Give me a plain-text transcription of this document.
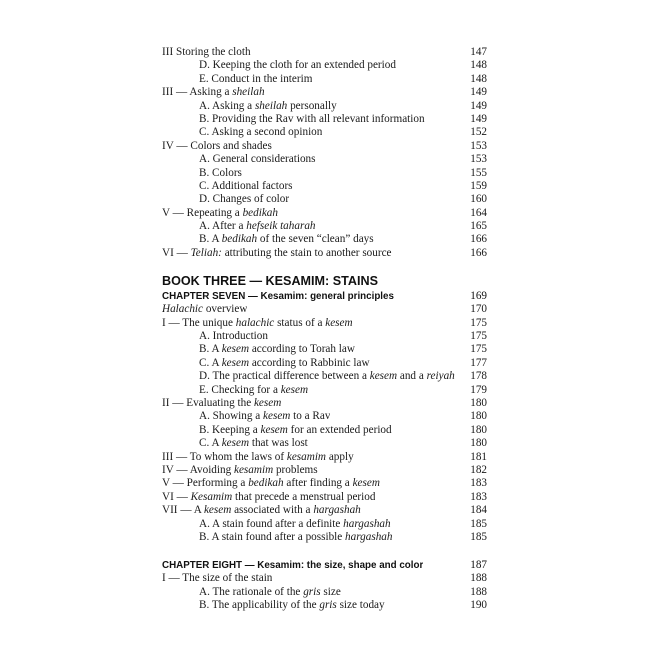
III Storing the cloth	147
D. Keeping the cloth for an extended period	148
E. Conduct in the interim	148
III — Asking a sheilah	149
A. Asking a sheilah personally	149
B. Providing the Rav with all relevant information	149
C. Asking a second opinion	152
IV — Colors and shades	153
A. General considerations	153
B. Colors	155
C. Additional factors	159
D. Changes of color	160
V — Repeating a bedikah	164
A. After a hefseik taharah	165
B. A bedikah of the seven “clean” days	166
VI — Teliah: attributing the stain to another source	166
BOOK THREE — KESAMIM: STAINS
CHAPTER SEVEN — Kesamim: general principles	169
Halachic overview	170
I — The unique halachic status of a kesem	175
A. Introduction	175
B. A kesem according to Torah law	175
C. A kesem according to Rabbinic law	177
D. The practical difference between a kesem and a reiyah	178
E. Checking for a kesem	179
II — Evaluating the kesem	180
A. Showing a kesem to a Rav	180
B. Keeping a kesem for an extended period	180
C. A kesem that was lost	180
III — To whom the laws of kesamim apply	181
IV — Avoiding kesamim problems	182
V — Performing a bedikah after finding a kesem	183
VI — Kesamim that precede a menstrual period	183
VII — A kesem associated with a hargashah	184
A. A stain found after a definite hargashah	185
B. A stain found after a possible hargashah	185
CHAPTER EIGHT — Kesamim: the size, shape and color	187
I — The size of the stain	188
A. The rationale of the gris size	188
B. The applicability of the gris size today	190
